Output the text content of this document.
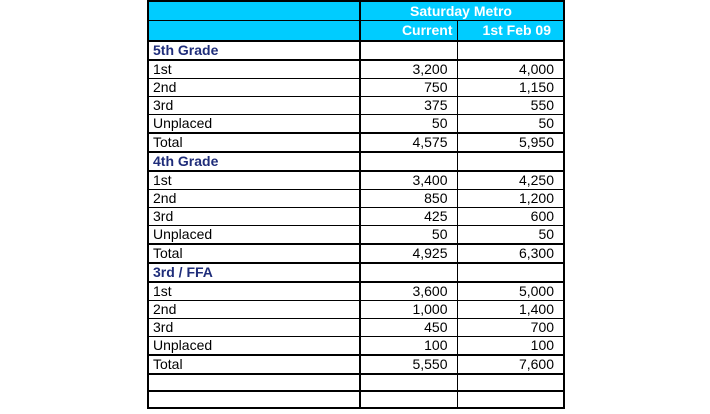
	Saturday Metro	
	Current	1st Feb 09
5th Grade		
1st	3,200	4,000
2nd	750	1,150
3rd	375	550
Unplaced	50	50
Total	4,575	5,950
4th Grade		
1st	3,400	4,250
2nd	850	1,200
3rd	425	600
Unplaced	50	50
Total	4,925	6,300
3rd / FFA		
1st	3,600	5,000
2nd	1,000	1,400
3rd	450	700
Unplaced	100	100
Total	5,550	7,600
